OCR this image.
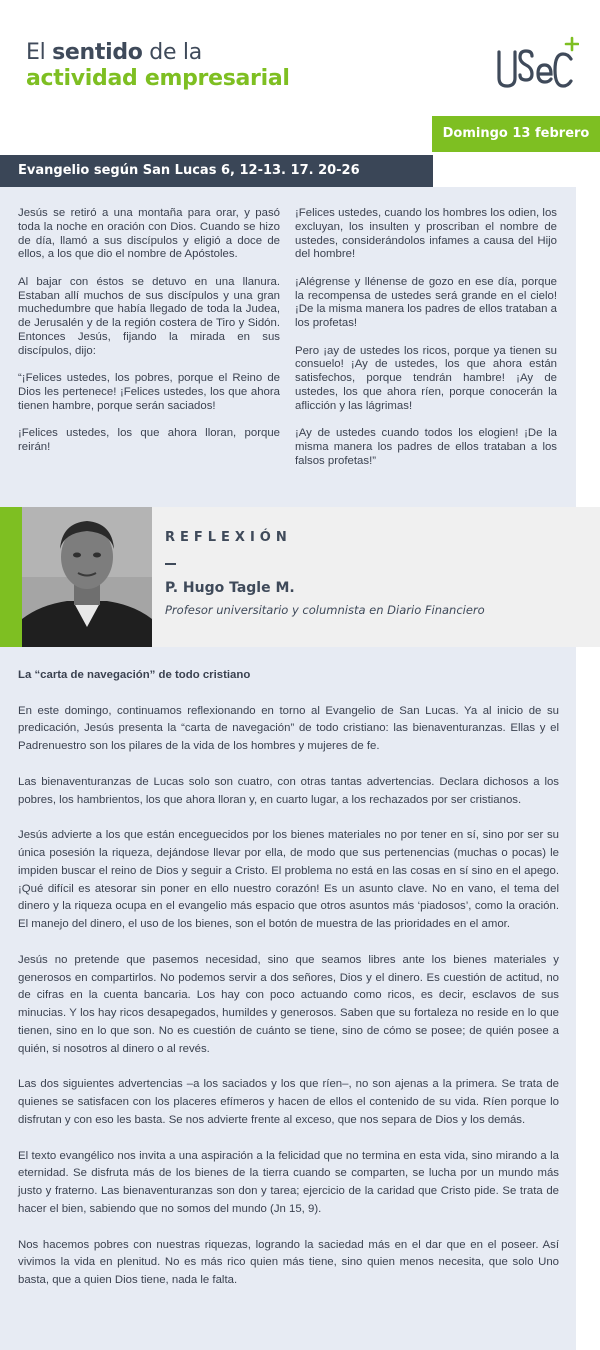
El sentido de la
actividad empresarial
Domingo 13 febrero
Evangelio según San Lucas 6, 12-13. 17. 20-26

Jesús se retiró a una montaña para orar, y pasó toda la noche en oración con Dios. Cuando se hizo de día, llamó a sus discípulos y eligió a doce de ellos, a los que dio el nombre de Apóstoles.

Al bajar con éstos se detuvo en una llanura. Estaban allí muchos de sus discípulos y una gran muchedumbre que había llegado de toda la Judea, de Jerusalén y de la región costera de Tiro y Sidón. Entonces Jesús, fijando la mirada en sus discípulos, dijo:

“¡Felices ustedes, los pobres, porque el Reino de Dios les pertenece! ¡Felices ustedes, los que ahora tienen hambre, porque serán saciados!

¡Felices ustedes, los que ahora lloran, porque reirán!

¡Felices ustedes, cuando los hombres los odien, los excluyan, los insulten y proscriban el nombre de ustedes, considerándolos infames a causa del Hijo del hombre!

¡Alégrense y llénense de gozo en ese día, porque la recompensa de ustedes será grande en el cielo! ¡De la misma manera los padres de ellos trataban a los profetas!

Pero ¡ay de ustedes los ricos, porque ya tienen su consuelo! ¡Ay de ustedes, los que ahora están satisfechos, porque tendrán hambre! ¡Ay de ustedes, los que ahora ríen, porque conocerán la aflicción y las lágrimas!

¡Ay de ustedes cuando todos los elogien! ¡De la misma manera los padres de ellos trataban a los falsos profetas!”

REFLEXIÓN
P. Hugo Tagle M.
Profesor universitario y columnista en Diario Financiero
La “carta de navegación” de todo cristiano

En este domingo, continuamos reflexionando en torno al Evangelio de San Lucas. Ya al inicio de su predicación, Jesús presenta la “carta de navegación” de todo cristiano: las bienaventuranzas. Ellas y el Padrenuestro son los pilares de la vida de los hombres y mujeres de fe.

Las bienaventuranzas de Lucas solo son cuatro, con otras tantas advertencias. Declara dichosos a los pobres, los hambrientos, los que ahora lloran y, en cuarto lugar, a los rechazados por ser cristianos.

Jesús advierte a los que están enceguecidos por los bienes materiales no por tener en sí, sino por ser su única posesión la riqueza, dejándose llevar por ella, de modo que sus pertenencias (muchas o pocas) le impiden buscar el reino de Dios y seguir a Cristo. El problema no está en las cosas en sí sino en el apego. ¡Qué difícil es atesorar sin poner en ello nuestro corazón! Es un asunto clave. No en vano, el tema del dinero y la riqueza ocupa en el evangelio más espacio que otros asuntos más ‘piadosos’, como la oración. El manejo del dinero, el uso de los bienes, son el botón de muestra de las prioridades en el amor.

Jesús no pretende que pasemos necesidad, sino que seamos libres ante los bienes materiales y generosos en compartirlos. No podemos servir a dos señores, Dios y el dinero. Es cuestión de actitud, no de cifras en la cuenta bancaria. Los hay con poco actuando como ricos, es decir, esclavos de sus minucias. Y los hay ricos desapegados, humildes y generosos. Saben que su fortaleza no reside en lo que tienen, sino en lo que son. No es cuestión de cuánto se tiene, sino de cómo se posee; de quién posee a quién, si nosotros al dinero o al revés.

Las dos siguientes advertencias –a los saciados y los que ríen–, no son ajenas a la primera. Se trata de quienes se satisfacen con los placeres efímeros y hacen de ellos el contenido de su vida. Ríen porque lo disfrutan y con eso les basta. Se nos advierte frente al exceso, que nos separa de Dios y los demás.

El texto evangélico nos invita a una aspiración a la felicidad que no termina en esta vida, sino mirando a la eternidad. Se disfruta más de los bienes de la tierra cuando se comparten, se lucha por un mundo más justo y fraterno. Las bienaventuranzas son don y tarea; ejercicio de la caridad que Cristo pide. Se trata de hacer el bien, sabiendo que no somos del mundo (Jn 15, 9).

Nos hacemos pobres con nuestras riquezas, logrando la saciedad más en el dar que en el poseer. Así vivimos la vida en plenitud. No es más rico quien más tiene, sino quien menos necesita, que solo Uno basta, que a quien Dios tiene, nada le falta.
